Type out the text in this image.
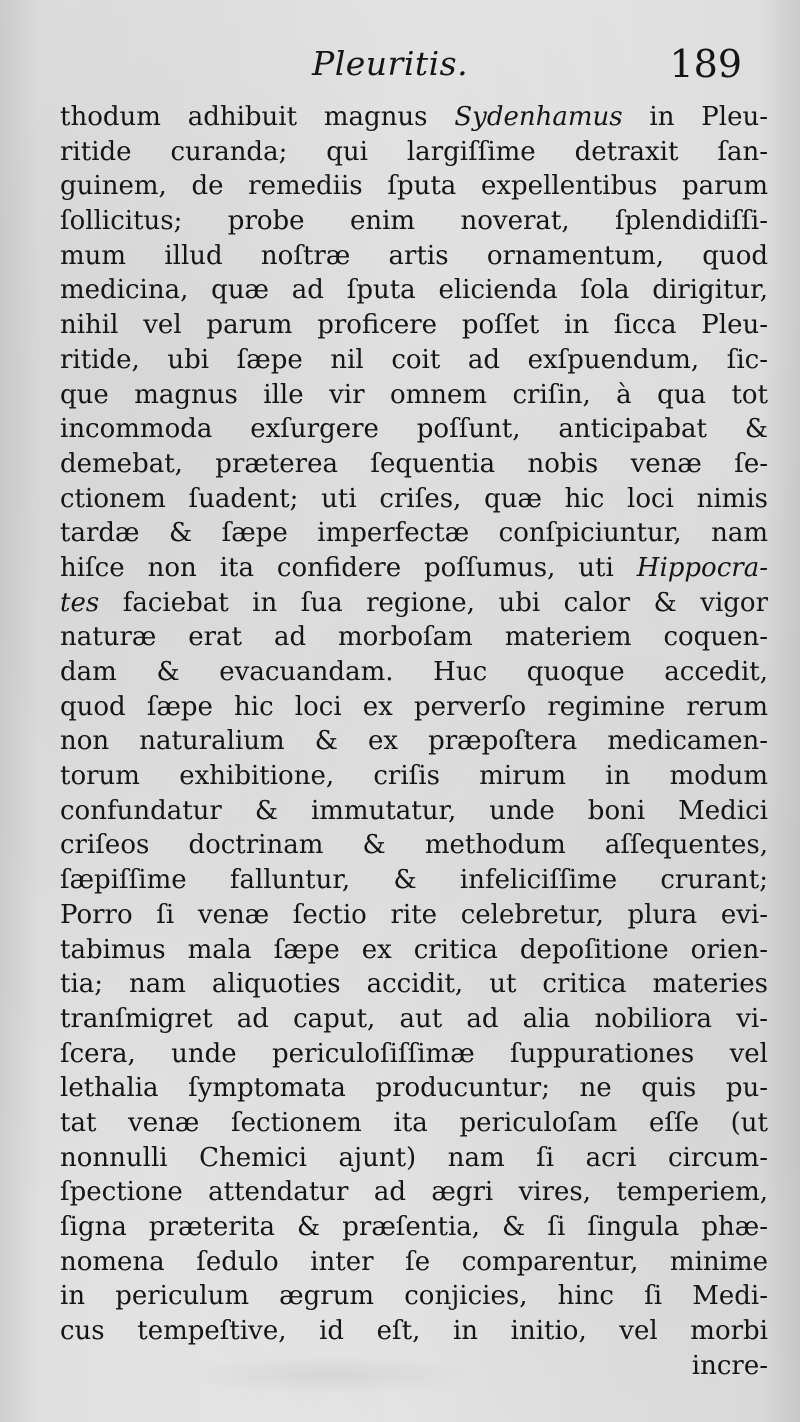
Pleuritis.	189
thodum adhibuit magnus Sydenhamus in Pleu-
ritide curanda; qui largiſſime detraxit ſan-
guinem, de remediis ſputa expellentibus parum
ſollicitus; probe enim noverat, ſplendidiſſi-
mum illud noſtræ artis ornamentum, quod
medicina, quæ ad ſputa elicienda ſola dirigitur,
nihil vel parum proficere poſſet in ſicca Pleu-
ritide, ubi ſæpe nil coit ad exſpuendum, ſic-
que magnus ille vir omnem criſin, à qua tot
incommoda exſurgere poſſunt, anticipabat &
demebat, præterea ſequentia nobis venæ ſe-
ctionem ſuadent; uti criſes, quæ hic loci nimis
tardæ & ſæpe imperfectæ conſpiciuntur, nam
hiſce non ita confidere poſſumus, uti Hippocra-
tes faciebat in ſua regione, ubi calor & vigor
naturæ erat ad morboſam materiem coquen-
dam & evacuandam. Huc quoque accedit,
quod ſæpe hic loci ex perverſo regimine rerum
non naturalium & ex præpoſtera medicamen-
torum exhibitione, criſis mirum in modum
confundatur & immutatur, unde boni Medici
criſeos doctrinam & methodum aſſequentes,
ſæpiſſime falluntur, & infeliciſſime crurant;
Porro ſi venæ ſectio rite celebretur, plura evi-
tabimus mala ſæpe ex critica depoſitione orien-
tia; nam aliquoties accidit, ut critica materies
tranſmigret ad caput, aut ad alia nobiliora vi-
ſcera, unde periculoſiſſimæ ſuppurationes vel
lethalia ſymptomata producuntur; ne quis pu-
tat venæ ſectionem ita periculoſam eſſe (ut
nonnulli Chemici ajunt) nam ſi acri circum-
ſpectione attendatur ad ægri vires, temperiem,
ſigna præterita & præſentia, & ſi ſingula phæ-
nomena ſedulo inter ſe comparentur, minime
in periculum ægrum conjicies, hinc ſi Medi-
cus tempeſtive, id eſt, in initio, vel morbi
incre-
